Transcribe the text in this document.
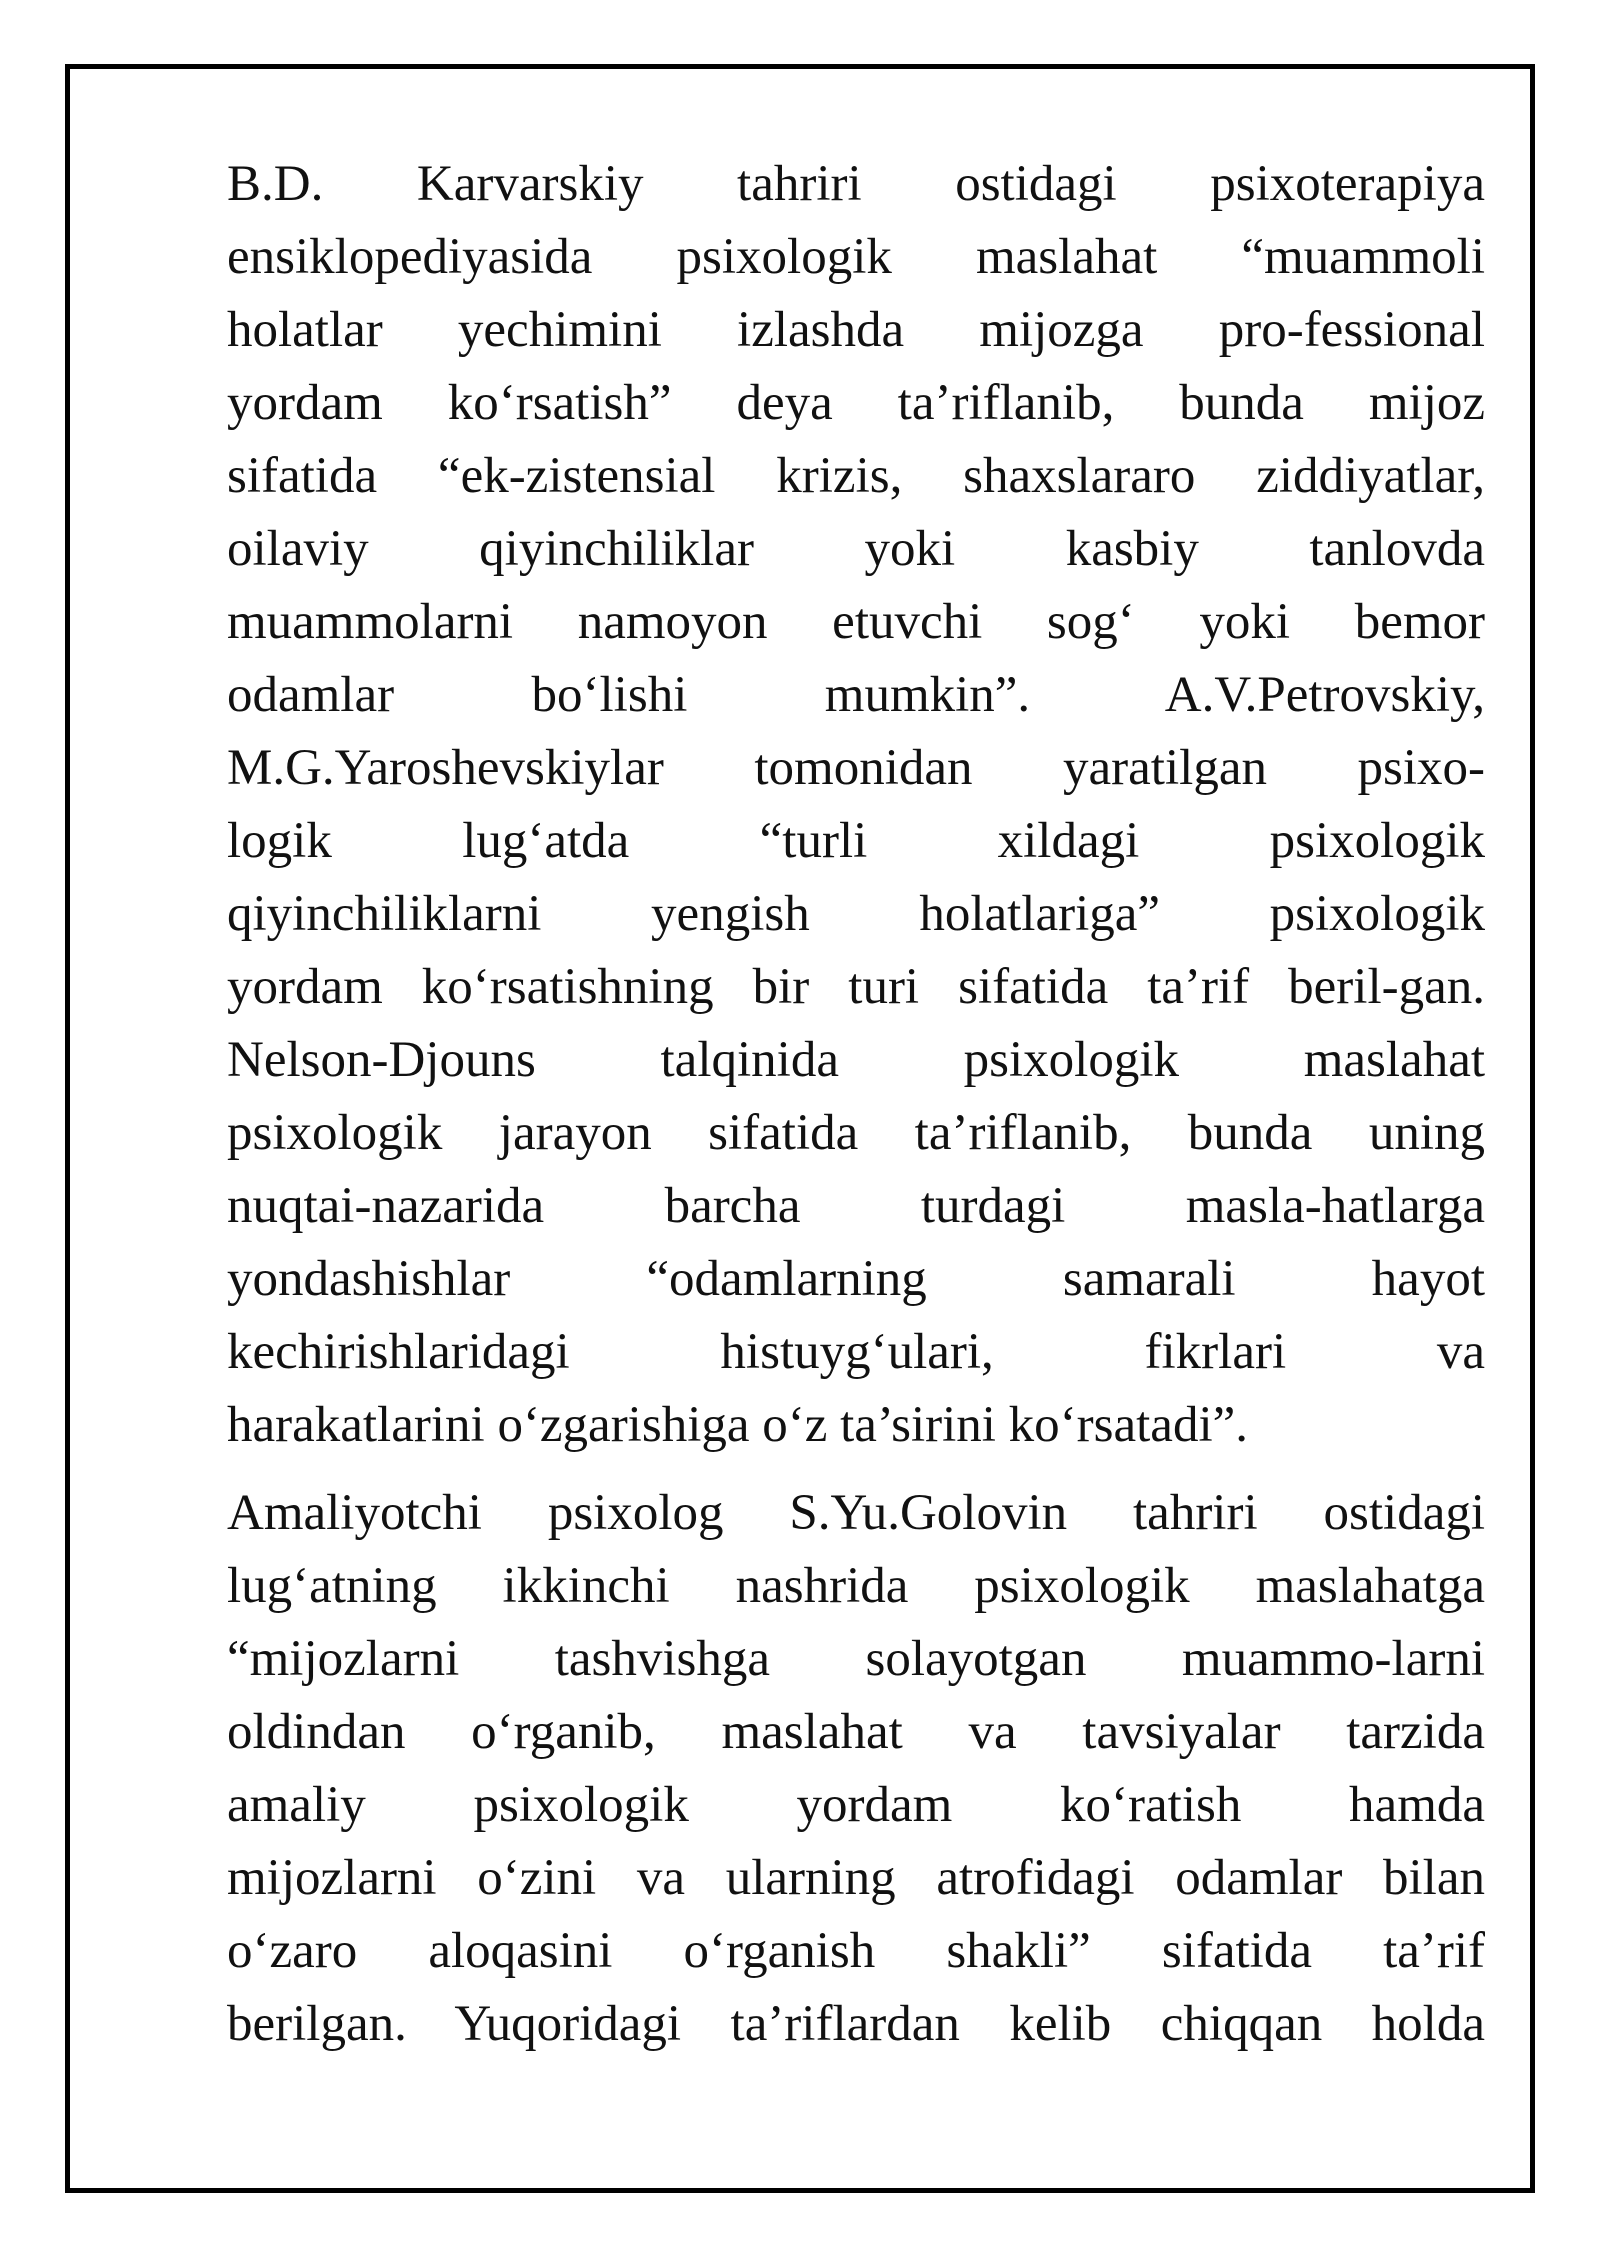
B.D. Karvarskiy tahriri ostidagi psixoterapiya
ensiklopediyasida psixologik maslahat “muammoli
holatlar yechimini izlashda mijozga pro-fessional
yordam ko‘rsatish” deya ta’riflanib, bunda mijoz
sifatida “ek-zistensial krizis, shaxslararo ziddiyatlar,
oilaviy qiyinchiliklar yoki kasbiy tanlovda
muammolarni namoyon etuvchi sog‘ yoki bemor
odamlar bo‘lishi mumkin”. A.V.Petrovskiy,
M.G.Yaroshevskiylar tomonidan yaratilgan psixo-
logik lug‘atda “turli xildagi psixologik
qiyinchiliklarni yengish holatlariga” psixologik
yordam ko‘rsatishning bir turi sifatida ta’rif beril-gan.
Nelson-Djouns talqinida psixologik maslahat
psixologik jarayon sifatida ta’riflanib, bunda uning
nuqtai-nazarida barcha turdagi masla-hatlarga
yondashishlar “odamlarning samarali hayot
kechirishlaridagi histuyg‘ulari, fikrlari va
harakatlarini o‘zgarishiga o‘z ta’sirini ko‘rsatadi”.
Amaliyotchi psixolog S.Yu.Golovin tahriri ostidagi
lug‘atning ikkinchi nashrida psixologik maslahatga
“mijozlarni tashvishga solayotgan muammo-larni
oldindan o‘rganib, maslahat va tavsiyalar tarzida
amaliy psixologik yordam ko‘ratish hamda
mijozlarni o‘zini va ularning atrofidagi odamlar bilan
o‘zaro aloqasini o‘rganish shakli” sifatida ta’rif
berilgan. Yuqoridagi ta’riflardan kelib chiqqan holda
